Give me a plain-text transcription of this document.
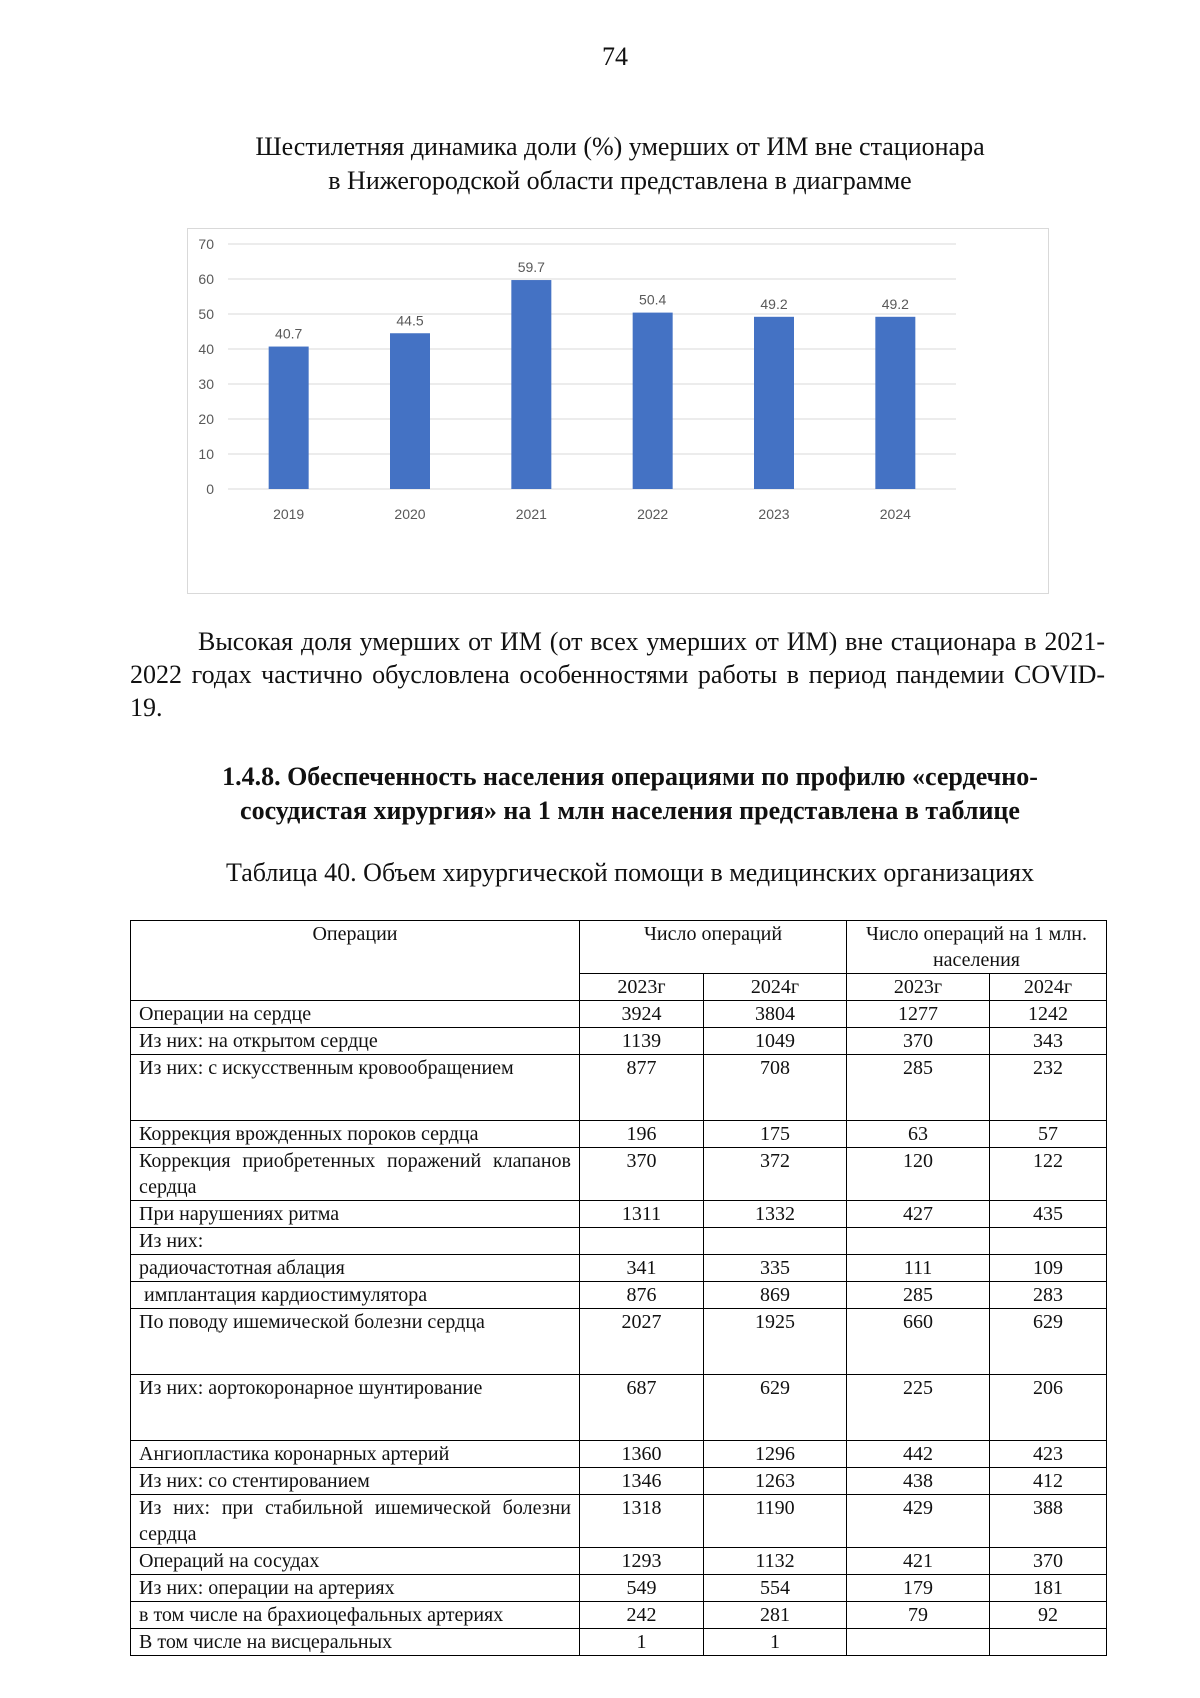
74
Шестилетняя динамика доли (%) умерших от ИМ вне стационара
в Нижегородской области представлена в диаграмме
0
10
20
30
40
50
60
70
40.7
2019
44.5
2020
59.7
2021
50.4
2022
49.2
2023
49.2
2024
Высокая доля умерших от ИМ (от всех умерших от ИМ) вне стационара в 2021-2022 годах частично обусловлена особенностями работы в период пандемии COVID-19.
1.4.8. Обеспеченность населения операциями по профилю «сердечно-
сосудистая хирургия» на 1 млн населения представлена в таблице
Таблица 40. Объем хирургической помощи в медицинских организациях
Операции	Число операций		Число операций на 1 млн. населения	
	2023г	2024г	2023г	2024г
Операции на сердце	3924	3804	1277	1242
Из них: на открытом сердце	1139	1049	370	343
Из них: с искусственным кровообращением	877	708	285	232
Коррекция врожденных пороков сердца	196	175	63	57
Коррекция приобретенных поражений клапанов сердца	370	372	120	122
При нарушениях ритма	1311	1332	427	435
Из них:				
радиочастотная аблация	341	335	111	109
имплантация кардиостимулятора	876	869	285	283
По поводу ишемической болезни сердца	2027	1925	660	629
Из них: аортокоронарное шунтирование	687	629	225	206
Ангиопластика коронарных артерий	1360	1296	442	423
Из них: со стентированием	1346	1263	438	412
Из них: при стабильной ишемической болезни сердца	1318	1190	429	388
Операций на сосудах	1293	1132	421	370
Из них: операции на артериях	549	554	179	181
в том числе на брахиоцефальных артериях	242	281	79	92
В том числе на висцеральных	1	1		
